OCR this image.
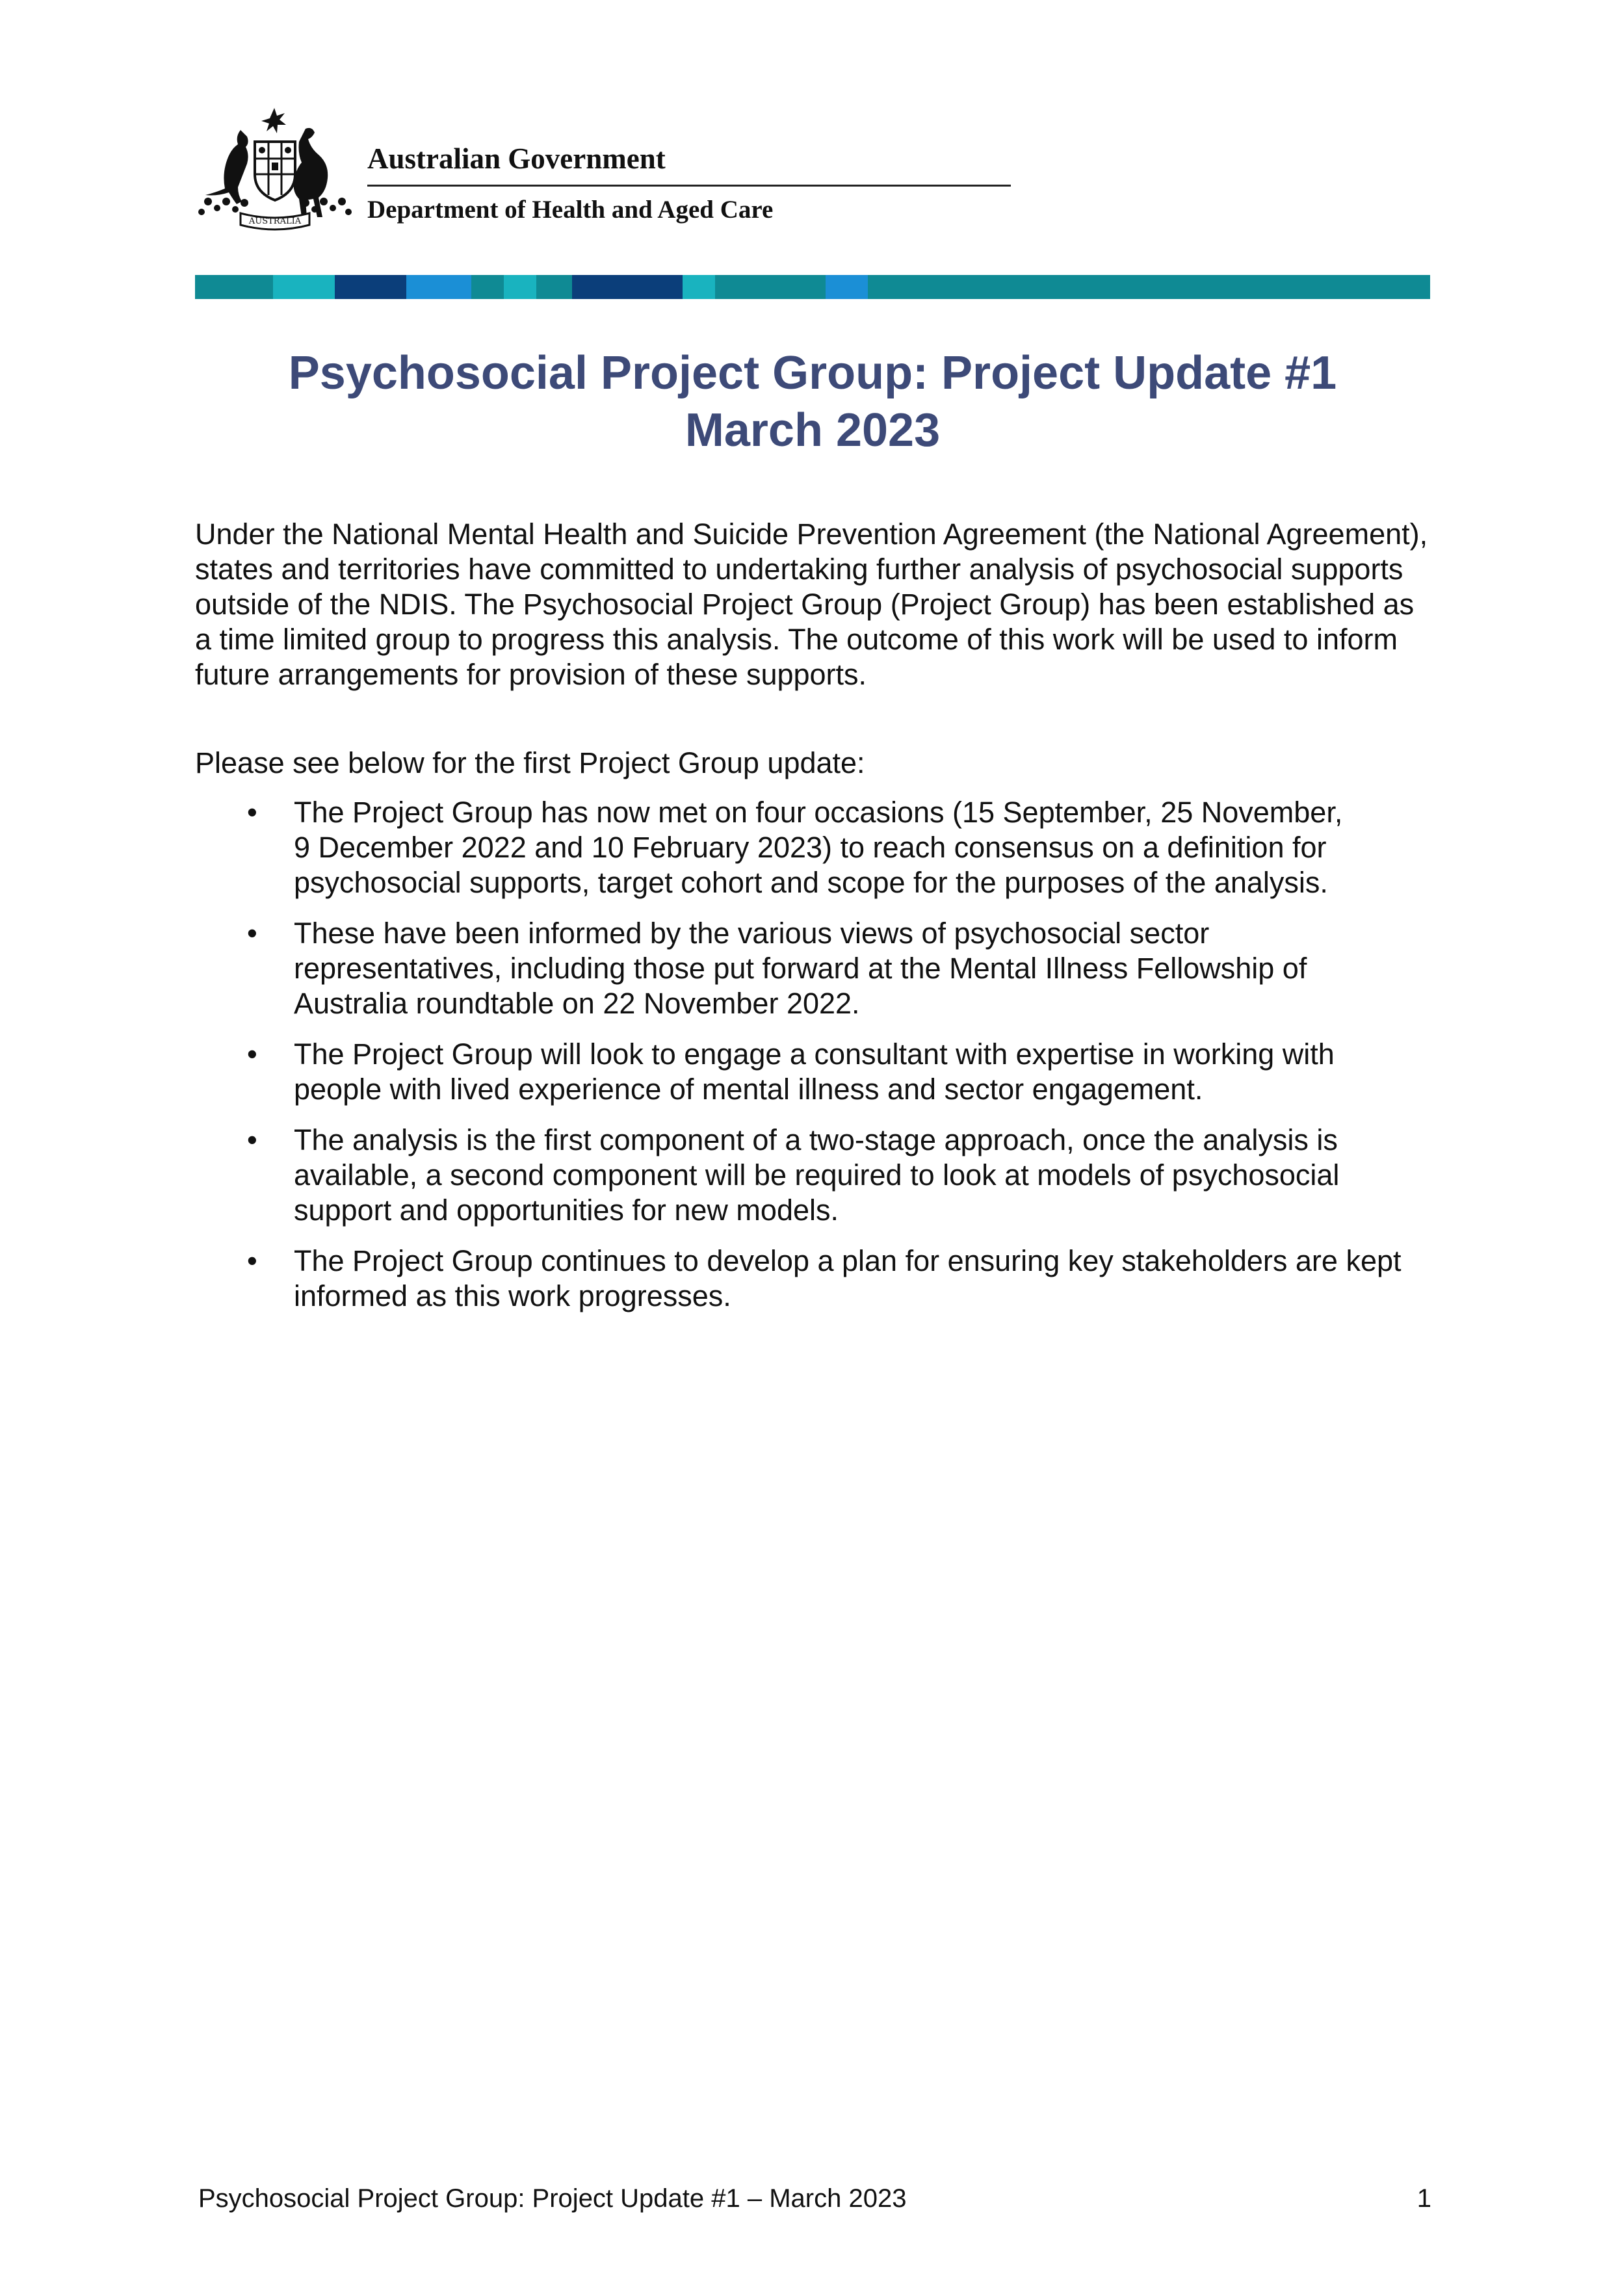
AUSTRALIA
Australian Government
Department of Health and Aged Care
Psychosocial Project Group: Project Update #1
March 2023

Under the National Mental Health and Suicide Prevention Agreement (the National Agreement), states and territories have committed to undertaking further analysis of psychosocial supports outside of the NDIS. The Psychosocial Project Group (Project Group) has been established as a time limited group to progress this analysis. The outcome of this work will be used to inform future arrangements for provision of these supports.

Please see below for the first Project Group update:

• The Project Group has now met on four occasions (15 September, 25 November,
9 December 2022 and 10 February 2023) to reach consensus on a definition for
psychosocial supports, target cohort and scope for the purposes of the analysis.
• These have been informed by the various views of psychosocial sector
representatives, including those put forward at the Mental Illness Fellowship of
Australia roundtable on 22 November 2022.
• The Project Group will look to engage a consultant with expertise in working with
people with lived experience of mental illness and sector engagement.
• The analysis is the first component of a two-stage approach, once the analysis is
available, a second component will be required to look at models of psychosocial
support and opportunities for new models.
• The Project Group continues to develop a plan for ensuring key stakeholders are kept
informed as this work progresses.
Psychosocial Project Group: Project Update #1 – March 2023	1
